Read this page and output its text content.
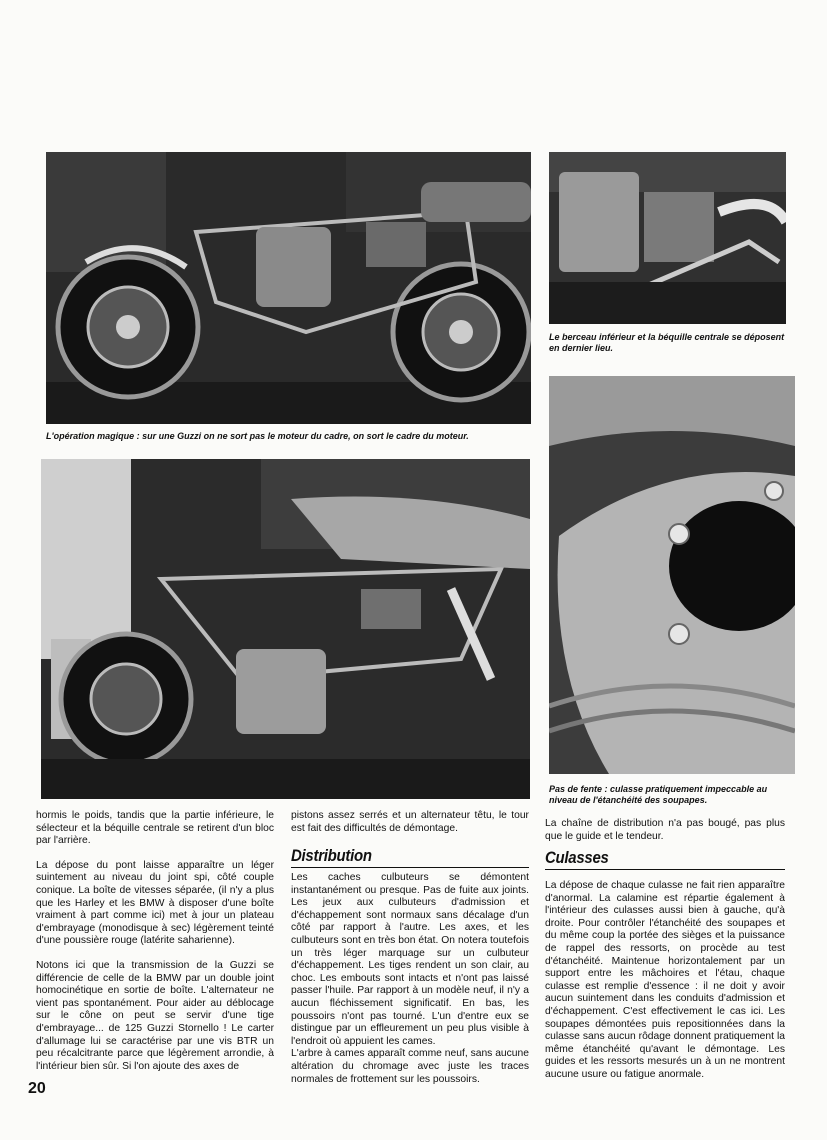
L'opération magique : sur une Guzzi on ne sort pas le moteur du cadre, on sort le cadre du moteur.
Le berceau inférieur et la béquille centrale se déposent en dernier lieu.
Pas de fente : culasse pratiquement impeccable au niveau de l'étanchéité des soupapes.

hormis le poids, tandis que la partie inférieure, le sélecteur et la béquille centrale se retirent d'un bloc par l'arrière.

La dépose du pont laisse apparaître un léger suintement au niveau du joint spi, côté couple conique. La boîte de vitesses séparée, (il n'y a plus que les Harley et les BMW à disposer d'une boîte vraiment à part comme ici) met à jour un plateau d'embrayage (monodisque à sec) légèrement teinté d'une poussière rouge (latérite saharienne).

Notons ici que la transmission de la Guzzi se différencie de celle de la BMW par un double joint homocinétique en sortie de boîte. L'alternateur ne vient pas spontanément. Pour aider au déblocage sur le cône on peut se servir d'une tige d'embrayage... de 125 Guzzi Stornello ! Le carter d'allumage lui se caractérise par une vis BTR un peu récalcitrante parce que légèrement arrondie, à l'intérieur bien sûr. Si l'on ajoute des axes de

pistons assez serrés et un alternateur têtu, le tour est fait des difficultés de démontage.

Distribution

Les caches culbuteurs se démontent instantanément ou presque. Pas de fuite aux joints. Les jeux aux culbuteurs d'admission et d'échappement sont normaux sans décalage d'un côté par rapport à l'autre. Les axes, et les culbuteurs sont en très bon état. On notera toutefois un très léger marquage sur un culbuteur d'échappement. Les tiges rendent un son clair, au choc. Les embouts sont intacts et n'ont pas laissé passer l'huile. Par rapport à un modèle neuf, il n'y a aucun fléchissement significatif. En bas, les poussoirs n'ont pas tourné. L'un d'entre eux se distingue par un effleurement un peu plus visible à l'endroit où appuient les cames.

L'arbre à cames apparaît comme neuf, sans aucune altération du chromage avec juste les traces normales de frottement sur les poussoirs.

La chaîne de distribution n'a pas bougé, pas plus que le guide et le tendeur.

Culasses

La dépose de chaque culasse ne fait rien apparaître d'anormal. La calamine est répartie également à l'intérieur des culasses aussi bien à gauche, qu'à droite. Pour contrôler l'étanchéité des soupapes et du même coup la portée des sièges et la puissance de rappel des ressorts, on procède au test d'étanchéité. Maintenue horizontalement par un support entre les mâchoires et l'étau, chaque culasse est remplie d'essence : il ne doit y avoir aucun suintement dans les conduits d'admission et d'échappement. C'est effectivement le cas ici. Les soupapes démontées puis repositionnées dans la culasse sans aucun rôdage donnent pratiquement la même étanchéité qu'avant le démontage. Les guides et les ressorts mesurés un à un ne montrent aucune usure ou fatigue anormale.

20
